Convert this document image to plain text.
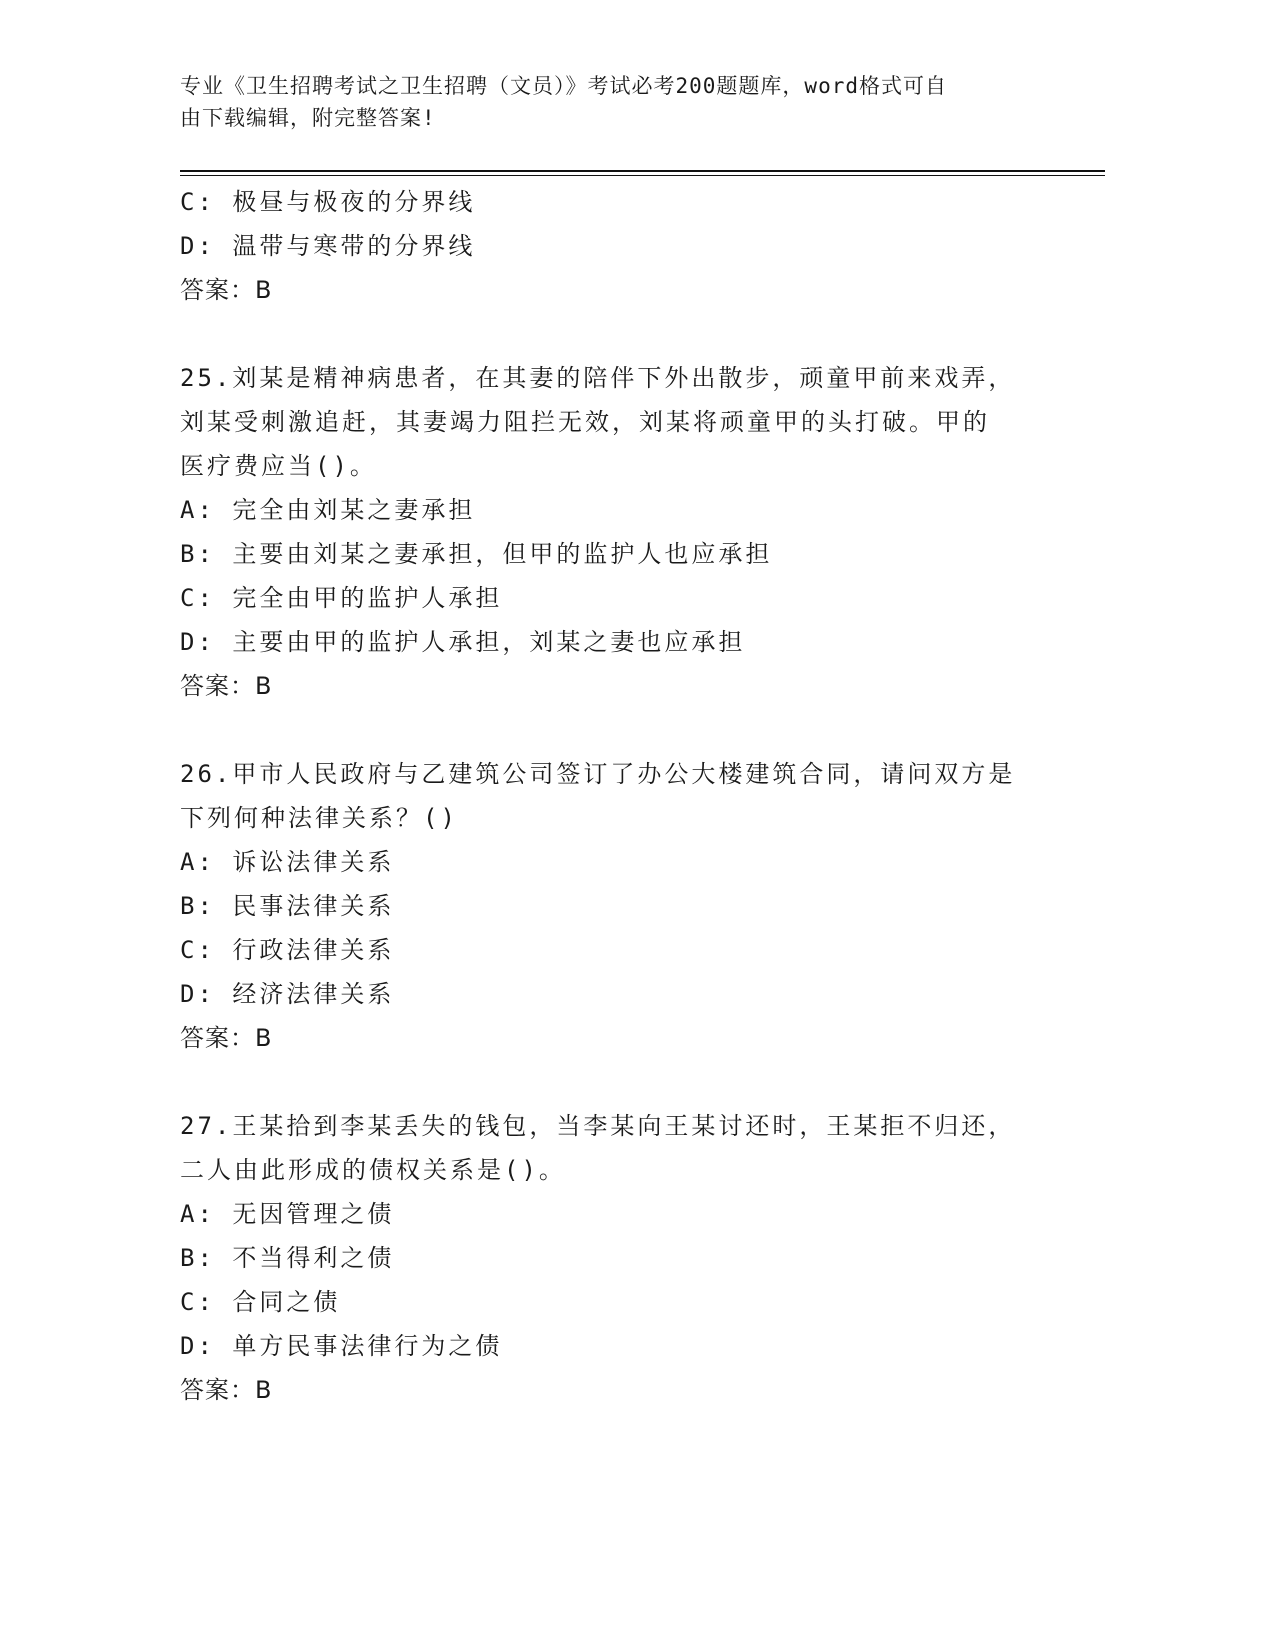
专业《卫生招聘考试之卫生招聘（文员）》考试必考200题题库，word格式可自
由下载编辑，附完整答案!
C: 极昼与极夜的分界线
D: 温带与寒带的分界线
答案：B
25.刘某是精神病患者，在其妻的陪伴下外出散步，顽童甲前来戏弄，
刘某受刺激追赶，其妻竭力阻拦无效，刘某将顽童甲的头打破。甲的
医疗费应当()。
A: 完全由刘某之妻承担
B: 主要由刘某之妻承担，但甲的监护人也应承担
C: 完全由甲的监护人承担
D: 主要由甲的监护人承担，刘某之妻也应承担
答案：B
26.甲市人民政府与乙建筑公司签订了办公大楼建筑合同，请问双方是
下列何种法律关系？()
A: 诉讼法律关系
B: 民事法律关系
C: 行政法律关系
D: 经济法律关系
答案：B
27.王某拾到李某丢失的钱包，当李某向王某讨还时，王某拒不归还，
二人由此形成的债权关系是()。
A: 无因管理之债
B: 不当得利之债
C: 合同之债
D: 单方民事法律行为之债
答案：B
